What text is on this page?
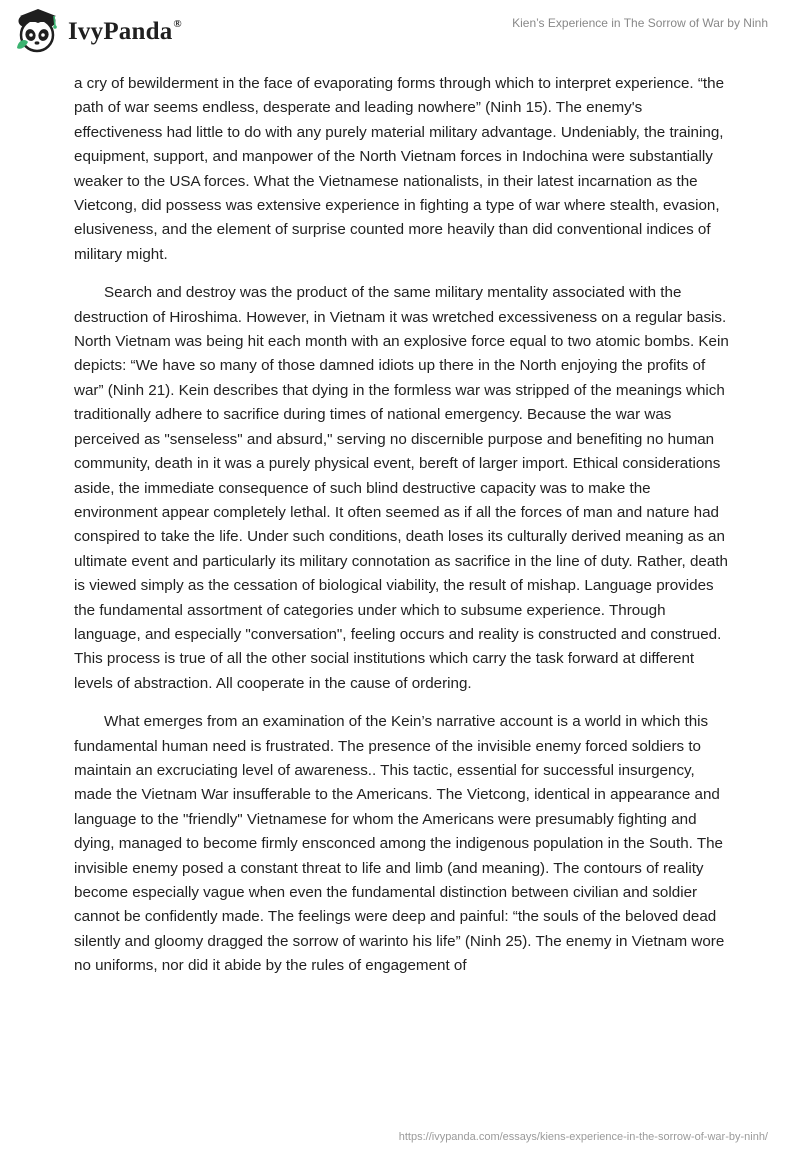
IvyPanda®	Kien’s Experience in The Sorrow of War by Ninh

a cry of bewilderment in the face of evaporating forms through which to interpret experience. “the path of war seems endless, desperate and leading nowhere” (Ninh 15). The enemy's effectiveness had little to do with any purely material military advantage. Undeniably, the training, equipment, support, and manpower of the North Vietnam forces in Indochina were substantially weaker to the USA forces. What the Vietnamese nationalists, in their latest incarnation as the Vietcong, did possess was extensive experience in fighting a type of war where stealth, evasion, elusiveness, and the element of surprise counted more heavily than did conventional indices of military might.

Search and destroy was the product of the same military mentality associated with the destruction of Hiroshima. However, in Vietnam it was wretched excessiveness on a regular basis. North Vietnam was being hit each month with an explosive force equal to two atomic bombs. Kein depicts: “We have so many of those damned idiots up there in the North enjoying the profits of war” (Ninh 21). Kein describes that dying in the formless war was stripped of the meanings which traditionally adhere to sacrifice during times of national emergency. Because the war was perceived as "senseless" and absurd," serving no discernible purpose and benefiting no human community, death in it was a purely physical event, bereft of larger import. Ethical considerations aside, the immediate consequence of such blind destructive capacity was to make the environment appear completely lethal. It often seemed as if all the forces of man and nature had conspired to take the life. Under such conditions, death loses its culturally derived meaning as an ultimate event and particularly its military connotation as sacrifice in the line of duty. Rather, death is viewed simply as the cessation of biological viability, the result of mishap. Language provides the fundamental assortment of categories under which to subsume experience. Through language, and especially "conversation", feeling occurs and reality is constructed and construed. This process is true of all the other social institutions which carry the task forward at different levels of abstraction. All cooperate in the cause of ordering.

What emerges from an examination of the Kein’s narrative account is a world in which this fundamental human need is frustrated. The presence of the invisible enemy forced soldiers to maintain an excruciating level of awareness.. This tactic, essential for successful insurgency, made the Vietnam War insufferable to the Americans. The Vietcong, identical in appearance and language to the "friendly" Vietnamese for whom the Americans were presumably fighting and dying, managed to become firmly ensconced among the indigenous population in the South. The invisible enemy posed a constant threat to life and limb (and meaning). The contours of reality become especially vague when even the fundamental distinction between civilian and soldier cannot be confidently made. The feelings were deep and painful: “the souls of the beloved dead silently and gloomy dragged the sorrow of warinto his life” (Ninh 25). The enemy in Vietnam wore no uniforms, nor did it abide by the rules of engagement of

https://ivypanda.com/essays/kiens-experience-in-the-sorrow-of-war-by-ninh/
